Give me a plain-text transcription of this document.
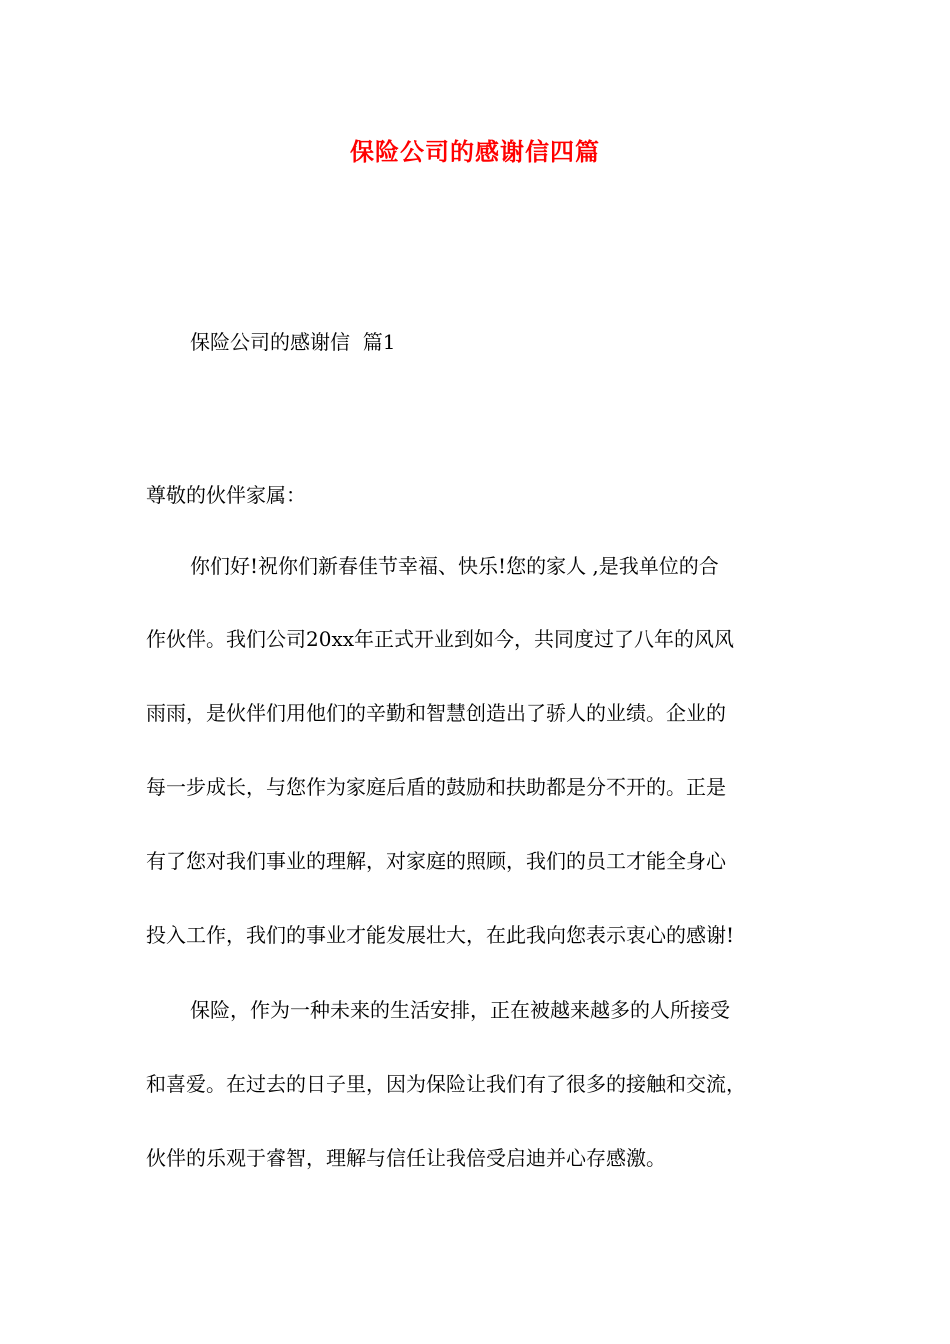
保险公司的感谢信四篇
保险公司的感谢信  篇1
尊敬的伙伴家属：
你们好!祝你们新春佳节幸福、快乐!您的家人 ,是我单位的合
作伙伴。我们公司20xx年正式开业到如今，共同度过了八年的风风
雨雨，是伙伴们用他们的辛勤和智慧创造出了骄人的业绩。企业的
每一步成长，与您作为家庭后盾的鼓励和扶助都是分不开的。正是
有了您对我们事业的理解，对家庭的照顾，我们的员工才能全身心
投入工作，我们的事业才能发展壮大，在此我向您表示衷心的感谢!
保险，作为一种未来的生活安排，正在被越来越多的人所接受
和喜爱。在过去的日子里，因为保险让我们有了很多的接触和交流，
伙伴的乐观于睿智，理解与信任让我倍受启迪并心存感激。
